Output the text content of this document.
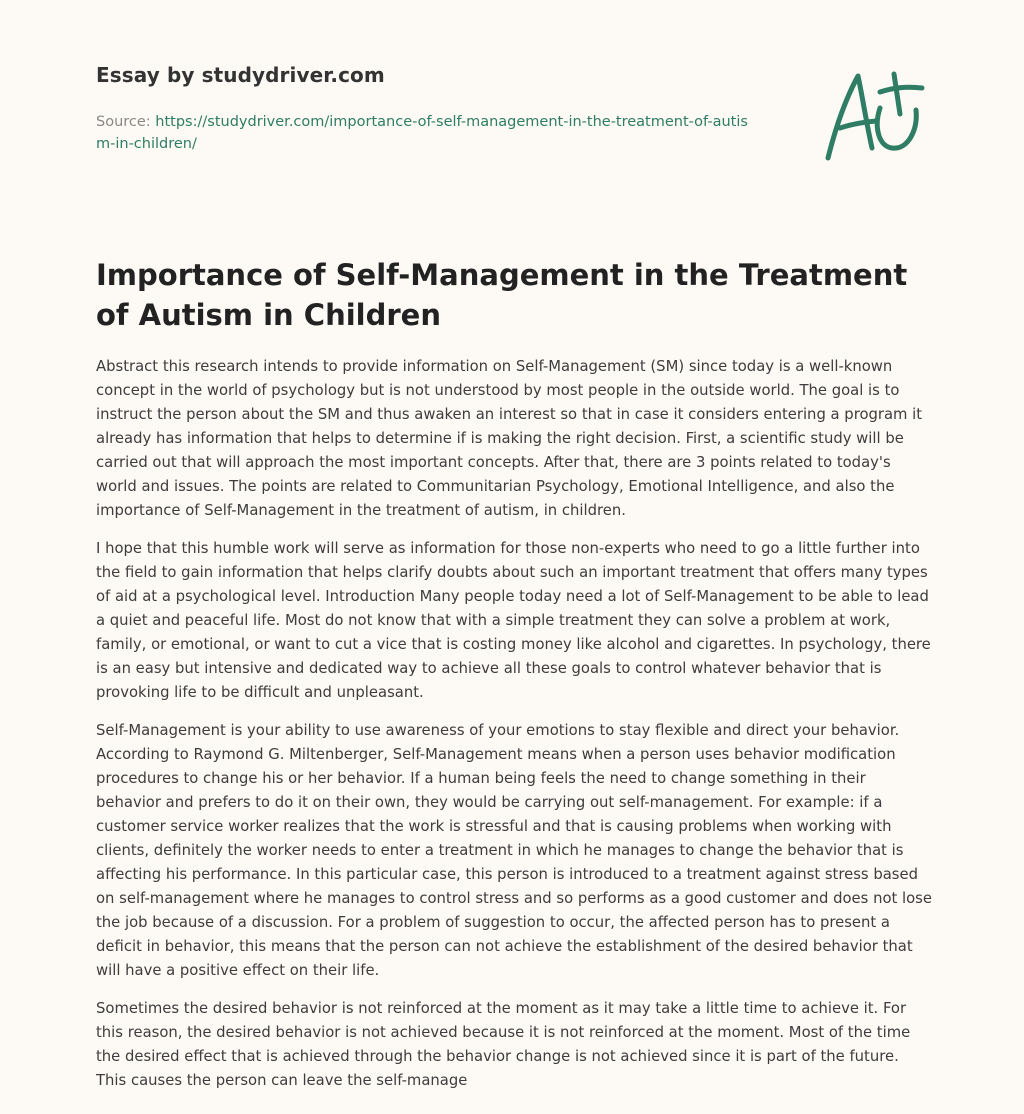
Essay by studydriver.com
Source: https://studydriver.com/importance-of-self-management-in-the-treatment-of-autism-in-children/
Importance of Self-Management in the Treatment of Autism in Children

Abstract this research intends to provide information on Self-Management (SM) since today is a well-known concept in the world of psychology but is not understood by most people in the outside world. The goal is to instruct the person about the SM and thus awaken an interest so that in case it considers entering a program it already has information that helps to determine if is making the right decision. First, a scientific study will be carried out that will approach the most important concepts. After that, there are 3 points related to today's world and issues. The points are related to Communitarian Psychology, Emotional Intelligence, and also the importance of Self-Management in the treatment of autism, in children.

I hope that this humble work will serve as information for those non-experts who need to go a little further into the field to gain information that helps clarify doubts about such an important treatment that offers many types of aid at a psychological level. Introduction Many people today need a lot of Self-Management to be able to lead a quiet and peaceful life. Most do not know that with a simple treatment they can solve a problem at work, family, or emotional, or want to cut a vice that is costing money like alcohol and cigarettes. In psychology, there is an easy but intensive and dedicated way to achieve all these goals to control whatever behavior that is provoking life to be difficult and unpleasant.

Self-Management is your ability to use awareness of your emotions to stay flexible and direct your behavior. According to Raymond G. Miltenberger, Self-Management means when a person uses behavior modification procedures to change his or her behavior. If a human being feels the need to change something in their behavior and prefers to do it on their own, they would be carrying out self-management. For example: if a customer service worker realizes that the work is stressful and that is causing problems when working with clients, definitely the worker needs to enter a treatment in which he manages to change the behavior that is affecting his performance. In this particular case, this person is introduced to a treatment against stress based on self-management where he manages to control stress and so performs as a good customer and does not lose the job because of a discussion. For a problem of suggestion to occur, the affected person has to present a deficit in behavior, this means that the person can not achieve the establishment of the desired behavior that will have a positive effect on their life.

Sometimes the desired behavior is not reinforced at the moment as it may take a little time to achieve it. For this reason, the desired behavior is not achieved because it is not reinforced at the moment. Most of the time the desired effect that is achieved through the behavior change is not achieved since it is part of the future. This causes the person can leave the self-manage
